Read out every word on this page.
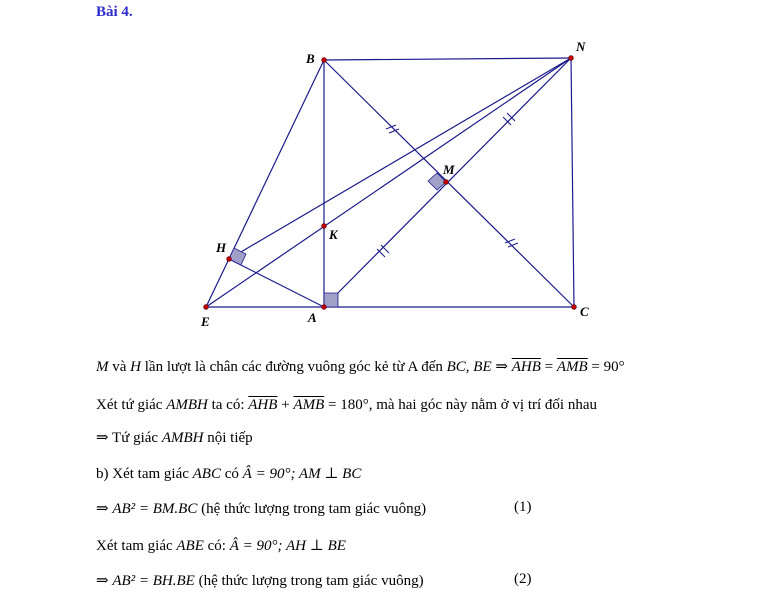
Bài 4.
B
N
M
K
H
E	A	C
M và H lần lượt là chân các đường vuông góc kẻ từ A đến BC, BE ⇒ $\overline{AHB} = \overline{AMB} = 90^\circ$
Xét tứ giác AMBH ta có: $\overline{AHB} + \overline{AMB} = 180^\circ$, mà hai góc này nằm ở vị trí đối nhau
⇒ Tứ giác AMBH nội tiếp
b) Xét tam giác ABC có Â = 90°; AM ⊥ BC
⇒ AB² = BM.BC (hệ thức lượng trong tam giác vuông)	(1)
Xét tam giác ABE có: Â = 90°; AH ⊥ BE
⇒ AB² = BH.BE (hệ thức lượng trong tam giác vuông)	(2)
